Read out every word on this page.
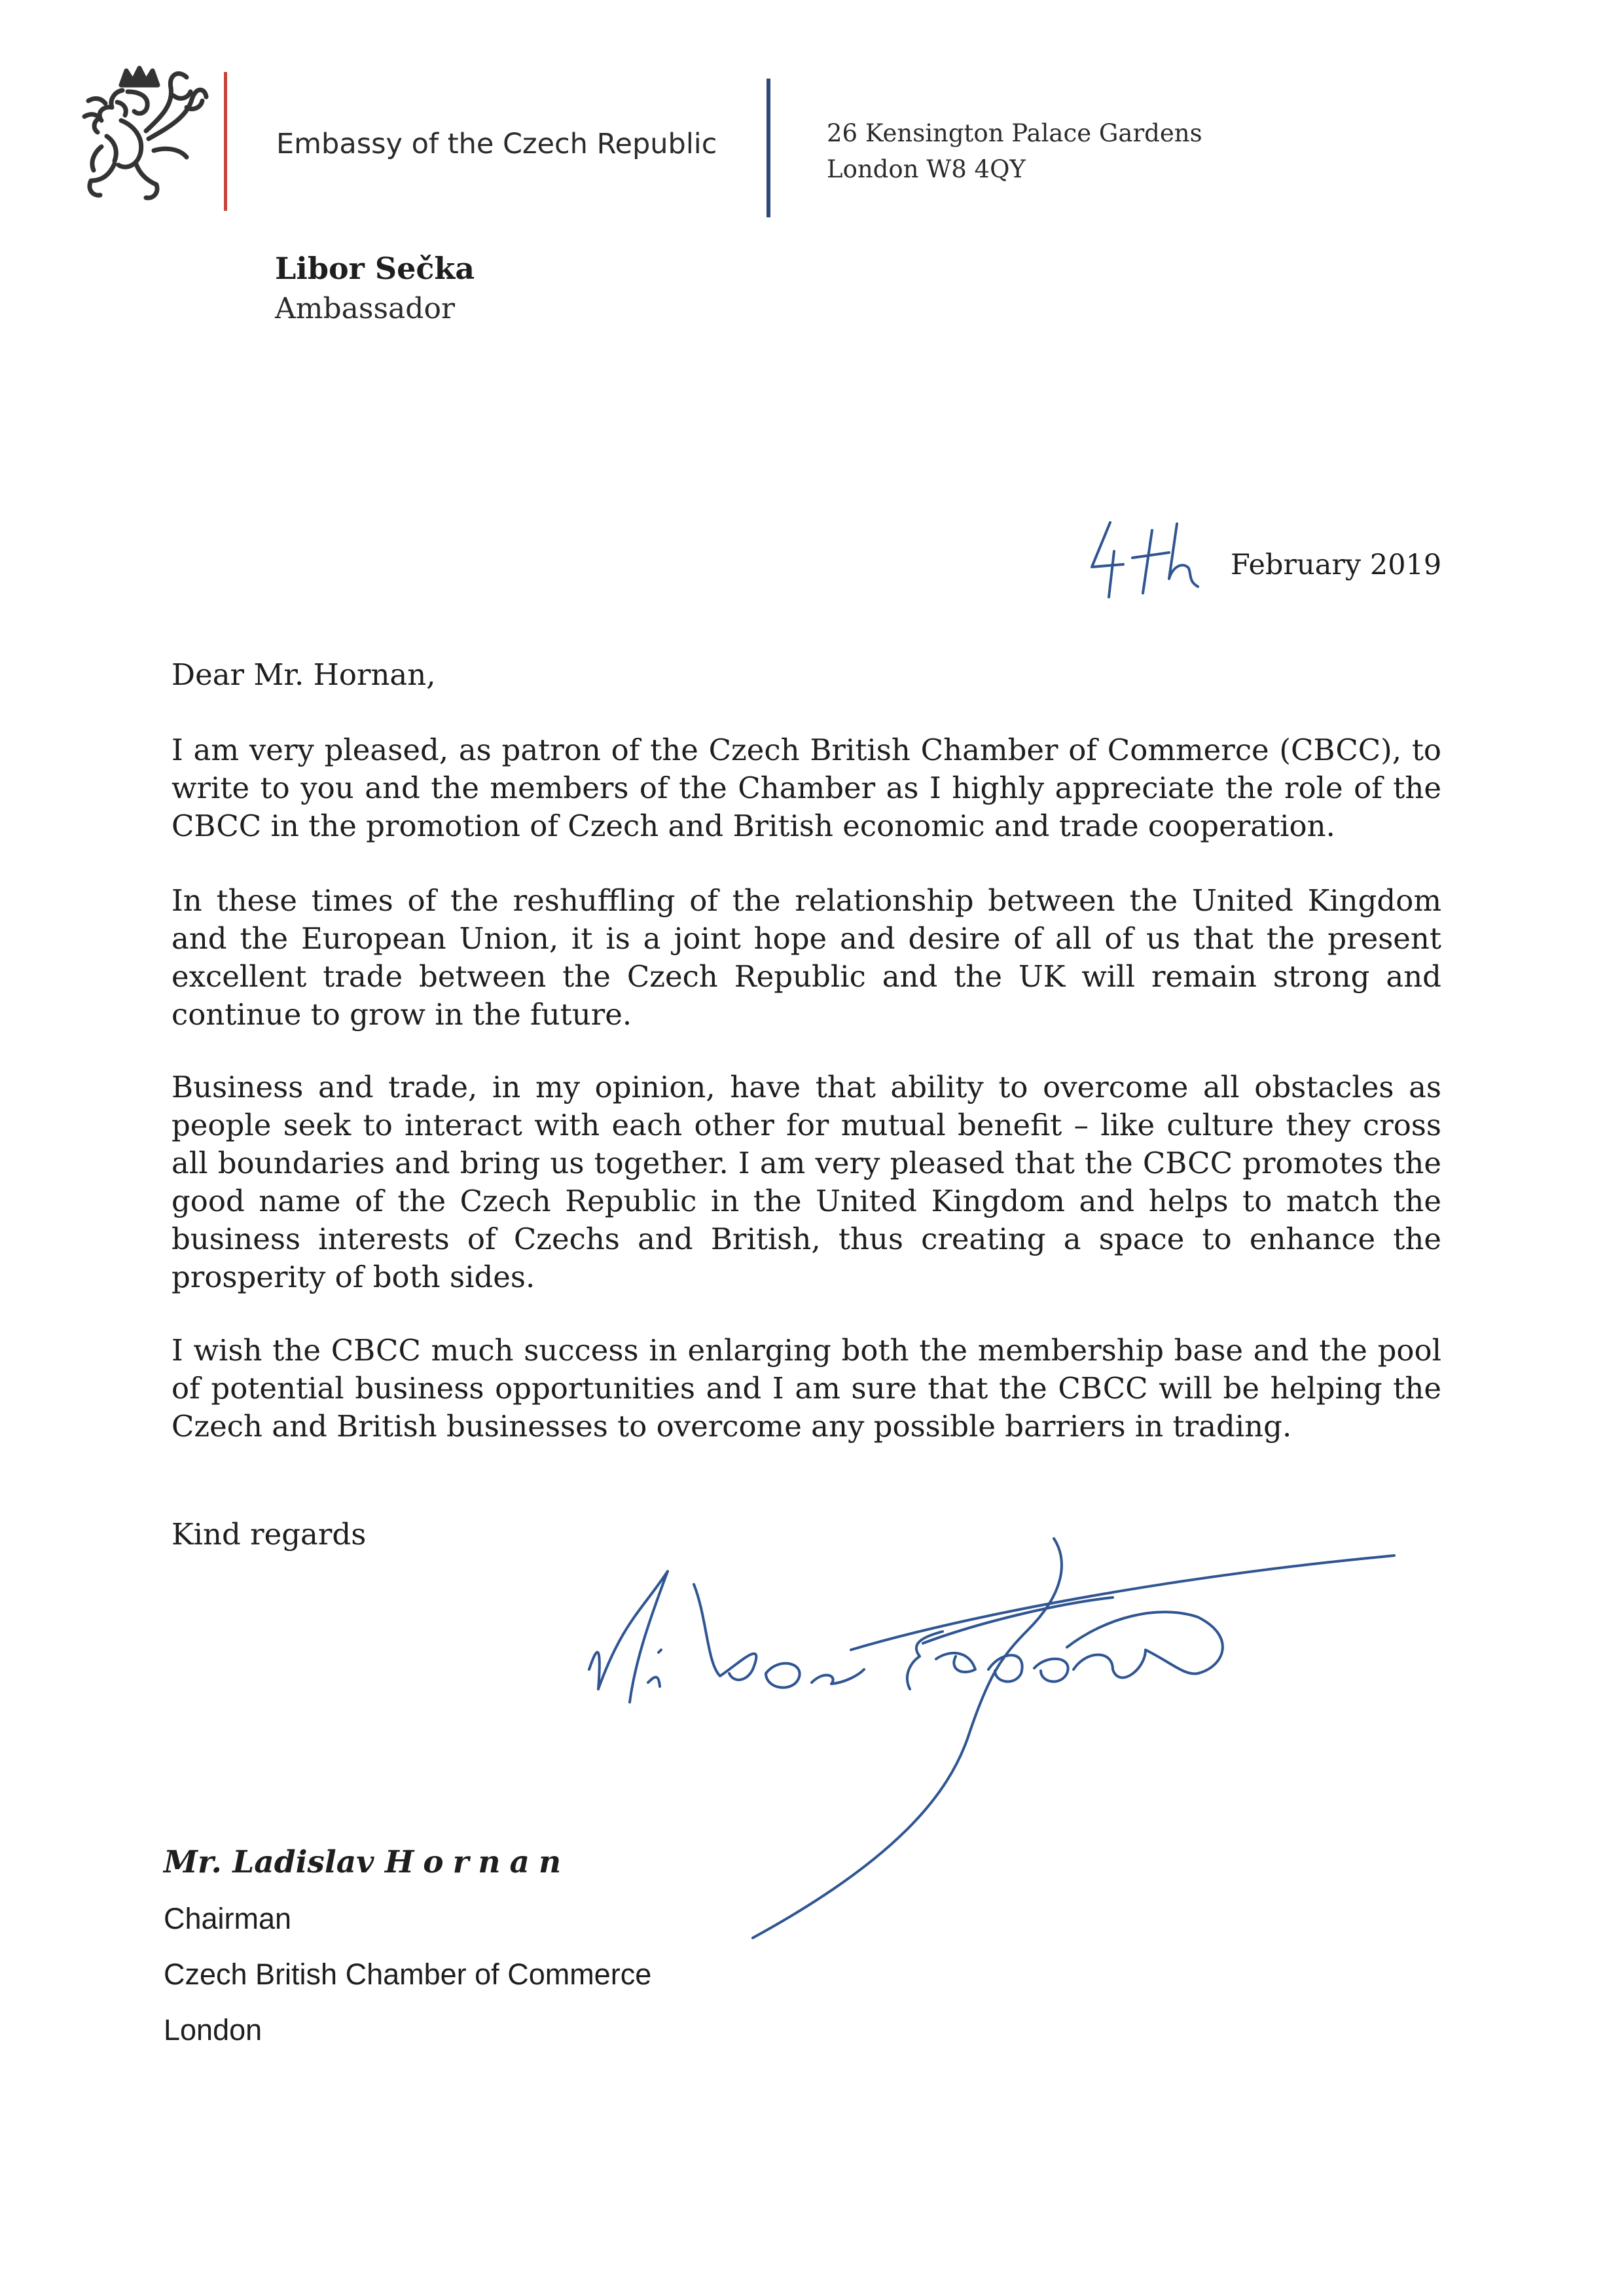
Embassy of the Czech Republic	26 Kensington Palace Gardens
London W8 4QY
Libor Sečka
Ambassador
February 2019
Dear Mr. Hornan,

I am very pleased, as patron of the Czech British Chamber of Commerce (CBCC), to write to you and the members of the Chamber as I highly appreciate the role of the CBCC in the promotion of Czech and British economic and trade cooperation.

In these times of the reshuffling of the relationship between the United Kingdom and the European Union, it is a joint hope and desire of all of us that the present excellent trade between the Czech Republic and the UK will remain strong and continue to grow in the future.

Business and trade, in my opinion, have that ability to overcome all obstacles as people seek to interact with each other for mutual benefit – like culture they cross all boundaries and bring us together. I am very pleased that the CBCC promotes the good name of the Czech Republic in the United Kingdom and helps to match the business interests of Czechs and British, thus creating a space to enhance the prosperity of both sides.

I wish the CBCC much success in enlarging both the membership base and the pool of potential business opportunities and I am sure that the CBCC will be helping the Czech and British businesses to overcome any possible barriers in trading.

Kind regards
Mr. Ladislav Hornan
Chairman
Czech British Chamber of Commerce
London
